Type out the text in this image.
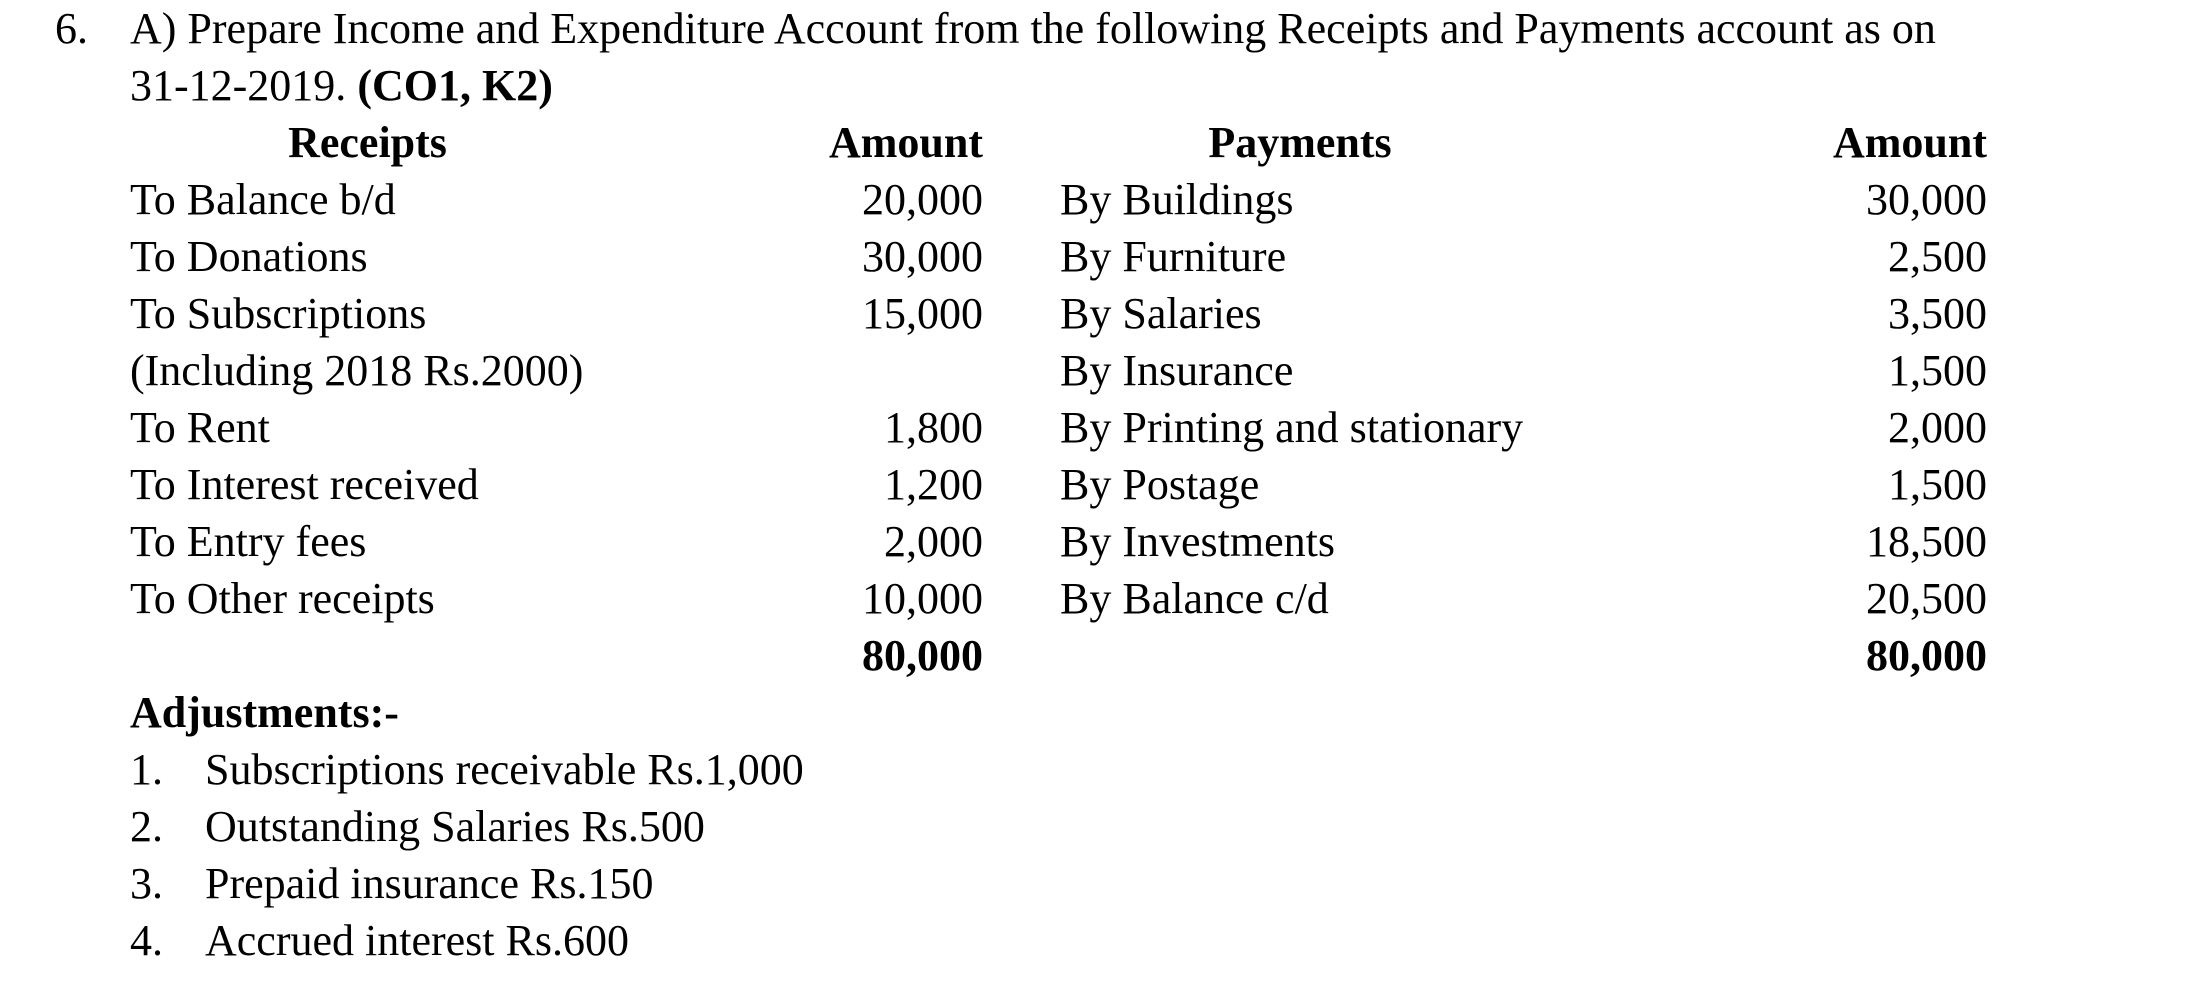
6. A) Prepare Income and Expenditure Account from the following Receipts and Payments account as on
31-12-2019. (CO1, K2)
Receipts
To Balance b/d
To Donations
To Subscriptions
(Including 2018 Rs.2000)
To Rent
To Interest received
To Entry fees
To Other receipts
Amount
20,000
30,000
15,000
1,800
1,200
2,000
10,000
80,000
Payments
By Buildings
By Furniture
By Salaries
By Insurance
By Printing and stationary
By Postage
By Investments
By Balance c/d
Amount
30,000
2,500
3,500
1,500
2,000
1,500
18,500
20,500
80,000
Adjustments:-
1. Subscriptions receivable Rs.1,000
2. Outstanding Salaries Rs.500
3. Prepaid insurance Rs.150
4. Accrued interest Rs.600
